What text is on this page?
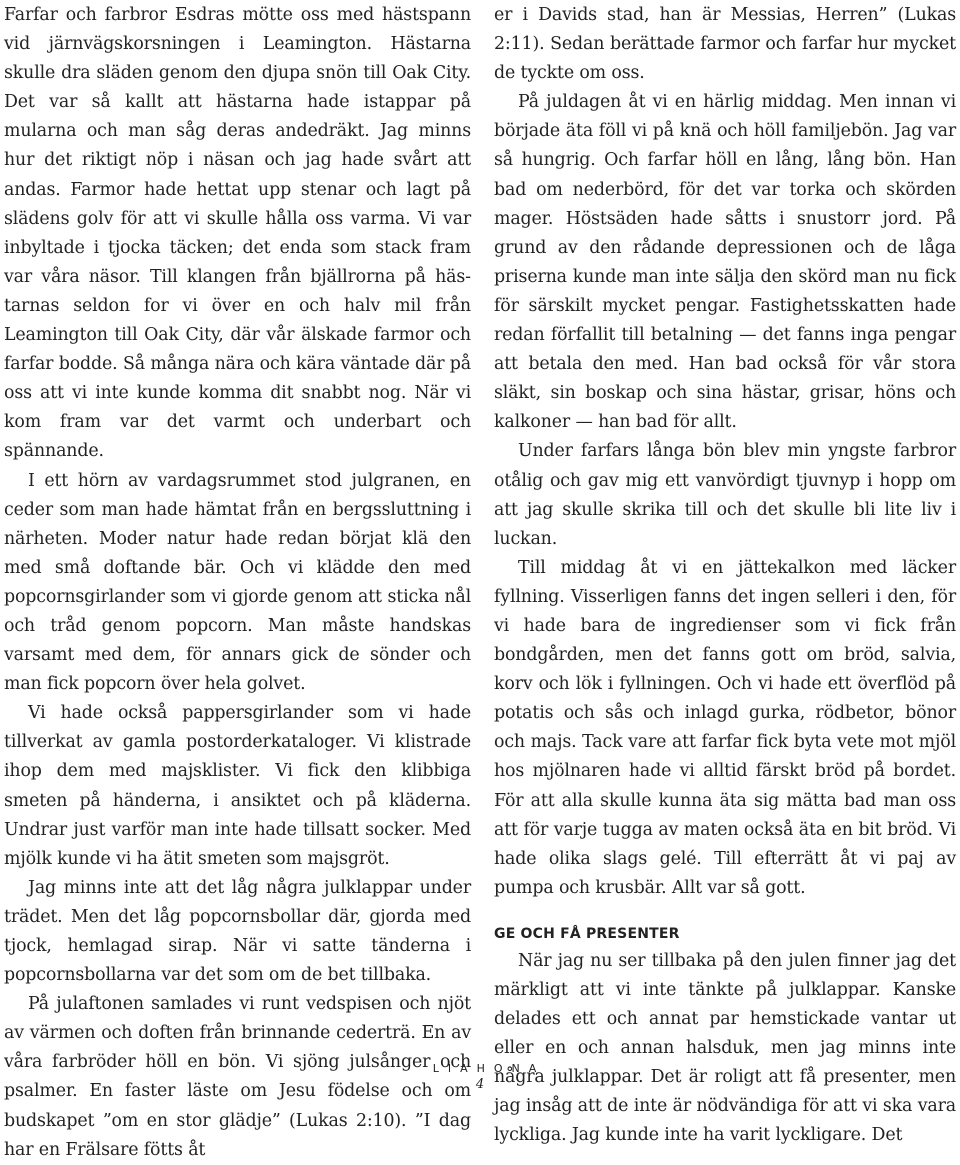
Farfar och farbror Esdras mötte oss med hästspann vid järnvägskorsningen i Leamington. Hästarna skulle dra släden genom den djupa snön till Oak City. Det var så kallt att hästarna hade istappar på mularna och man såg deras andedräkt. Jag minns hur det riktigt nöp i näsan och jag hade svårt att andas. Farmor hade hettat upp stenar och lagt på slädens golv för att vi skulle hålla oss varma. Vi var inbyltade i tjocka täcken; det enda som stack fram var våra näsor. Till klangen från bjällrorna på hästarnas seldon for vi över en och halv mil från Leamington till Oak City, där vår älskade farmor och farfar bodde. Så många nära och kära väntade där på oss att vi inte kunde komma dit snabbt nog. När vi kom fram var det varmt och underbart och spännande.

I ett hörn av vardagsrummet stod julgranen, en ceder som man hade hämtat från en bergssluttning i närheten. Moder natur hade redan börjat klä den med små doftande bär. Och vi klädde den med popcornsgirlander som vi gjorde genom att sticka nål och tråd genom popcorn. Man måste handskas varsamt med dem, för annars gick de sönder och man fick popcorn över hela golvet.

Vi hade också pappersgirlander som vi hade tillverkat av gamla postorderkataloger. Vi klistrade ihop dem med majsklister. Vi fick den klibbiga smeten på händerna, i ansiktet och på kläderna. Undrar just varför man inte hade tillsatt socker. Med mjölk kunde vi ha ätit smeten som majsgröt.

Jag minns inte att det låg några julklappar under trädet. Men det låg popcornsbollar där, gjorda med tjock, hemlagad sirap. När vi satte tänderna i popcornsbollarna var det som om de bet tillbaka.

På julaftonen samlades vi runt vedspisen och njöt av värmen och doften från brinnande cederträ. En av våra farbröder höll en bön. Vi sjöng julsånger och psalmer. En faster läste om Jesu födelse och om budskapet ”om en stor glädje” (Lukas 2:10). ”I dag har en Frälsare fötts åt

er i Davids stad, han är Messias, Herren” (Lukas 2:11). Sedan berättade farmor och farfar hur mycket de tyckte om oss.

På juldagen åt vi en härlig middag. Men innan vi började äta föll vi på knä och höll familjebön. Jag var så hungrig. Och farfar höll en lång, lång bön. Han bad om nederbörd, för det var torka och skörden mager. Höstsäden hade såtts i snustorr jord. På grund av den rådande depressionen och de låga priserna kunde man inte sälja den skörd man nu fick för särskilt mycket pengar. Fastighetsskatten hade redan förfallit till betalning — det fanns inga pengar att betala den med. Han bad också för vår stora släkt, sin boskap och sina hästar, grisar, höns och kalkoner — han bad för allt.

Under farfars långa bön blev min yngste farbror otålig och gav mig ett vanvördigt tjuvnyp i hopp om att jag skulle skrika till och det skulle bli lite liv i luckan.

Till middag åt vi en jättekalkon med läcker fyllning. Visserligen fanns det ingen selleri i den, för vi hade bara de ingredienser som vi fick från bondgården, men det fanns gott om bröd, salvia, korv och lök i fyllningen. Och vi hade ett överflöd på potatis och sås och inlagd gurka, rödbetor, bönor och majs. Tack vare att farfar fick byta vete mot mjöl hos mjölnaren hade vi alltid färskt bröd på bordet. För att alla skulle kunna äta sig mätta bad man oss att för varje tugga av maten också äta en bit bröd. Vi hade olika slags gelé. Till efterrätt åt vi paj av pumpa och krusbär. Allt var så gott.

GE OCH FÅ PRESENTER

När jag nu ser tillbaka på den julen finner jag det märkligt att vi inte tänkte på julklappar. Kanske delades ett och annat par hemstickade vantar ut eller en och annan halsduk, men jag minns inte några julklappar. Det är roligt att få presenter, men jag insåg att de inte är nödvändiga för att vi ska vara lyckliga. Jag kunde inte ha varit lyckligare. Det

LIAHONA
4
